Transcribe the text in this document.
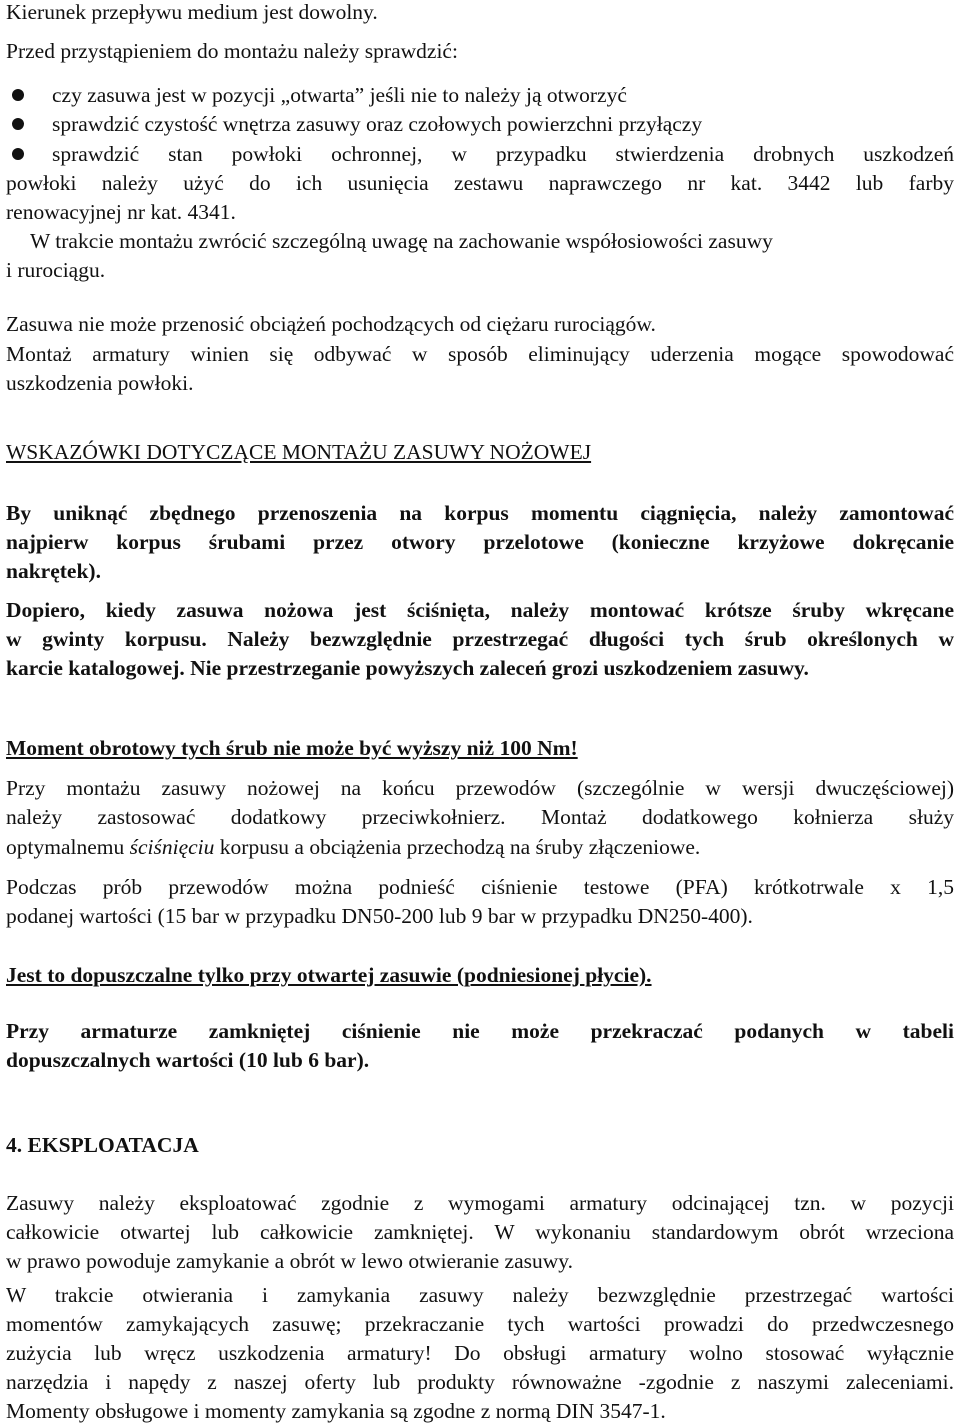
Kierunek przepływu medium jest dowolny.
Przed przystąpieniem do montażu należy sprawdzić:
czy zasuwa jest w pozycji „otwarta” jeśli nie to należy ją otworzyć
sprawdzić czystość wnętrza zasuwy oraz czołowych powierzchni przyłączy
sprawdzić stan powłoki ochronnej, w przypadku stwierdzenia drobnych uszkodzeń
powłoki należy użyć do ich usunięcia zestawu naprawczego nr kat. 3442 lub farby
renowacyjnej nr kat. 4341.
W trakcie montażu zwrócić szczególną uwagę na zachowanie współosiowości zasuwy
i rurociągu.
Zasuwa nie może przenosić obciążeń pochodzących od ciężaru rurociągów.
Montaż armatury winien się odbywać w sposób eliminujący uderzenia mogące spowodować
uszkodzenia powłoki.
WSKAZÓWKI DOTYCZĄCE MONTAŻU ZASUWY NOŻOWEJ
By uniknąć zbędnego przenoszenia na korpus momentu ciągnięcia, należy zamontować
najpierw korpus śrubami przez otwory przelotowe (konieczne krzyżowe dokręcanie
nakrętek).
Dopiero, kiedy zasuwa nożowa jest ściśnięta, należy montować krótsze śruby wkręcane
w gwinty korpusu. Należy bezwzględnie przestrzegać długości tych śrub określonych w
karcie katalogowej. Nie przestrzeganie powyższych zaleceń grozi uszkodzeniem zasuwy.
Moment obrotowy tych śrub nie może być wyższy niż 100 Nm!
Przy montażu zasuwy nożowej na końcu przewodów (szczególnie w wersji dwuczęściowej)
należy zastosować dodatkowy przeciwkołnierz. Montaż dodatkowego kołnierza służy
optymalnemu ściśnięciu korpusu a obciążenia przechodzą na śruby złączeniowe.
Podczas prób przewodów można podnieść ciśnienie testowe (PFA) krótkotrwale x 1,5
podanej wartości (15 bar w przypadku DN50-200 lub 9 bar w przypadku DN250-400).
Jest to dopuszczalne tylko przy otwartej zasuwie (podniesionej płycie).
Przy armaturze zamkniętej ciśnienie nie może przekraczać podanych w tabeli
dopuszczalnych wartości (10 lub 6 bar).
4. EKSPLOATACJA
Zasuwy należy eksploatować zgodnie z wymogami armatury odcinającej tzn. w pozycji
całkowicie otwartej lub całkowicie zamkniętej. W wykonaniu standardowym obrót wrzeciona
w prawo powoduje zamykanie a obrót w lewo otwieranie zasuwy.
W trakcie otwierania i zamykania zasuwy należy bezwzględnie przestrzegać wartości
momentów zamykających zasuwę; przekraczanie tych wartości prowadzi do przedwczesnego
zużycia lub wręcz uszkodzenia armatury! Do obsługi armatury wolno stosować wyłącznie
narzędzia i napędy z naszej oferty lub produkty równoważne -zgodnie z naszymi zaleceniami.
Momenty obsługowe i momenty zamykania są zgodne z normą DIN 3547-1.
